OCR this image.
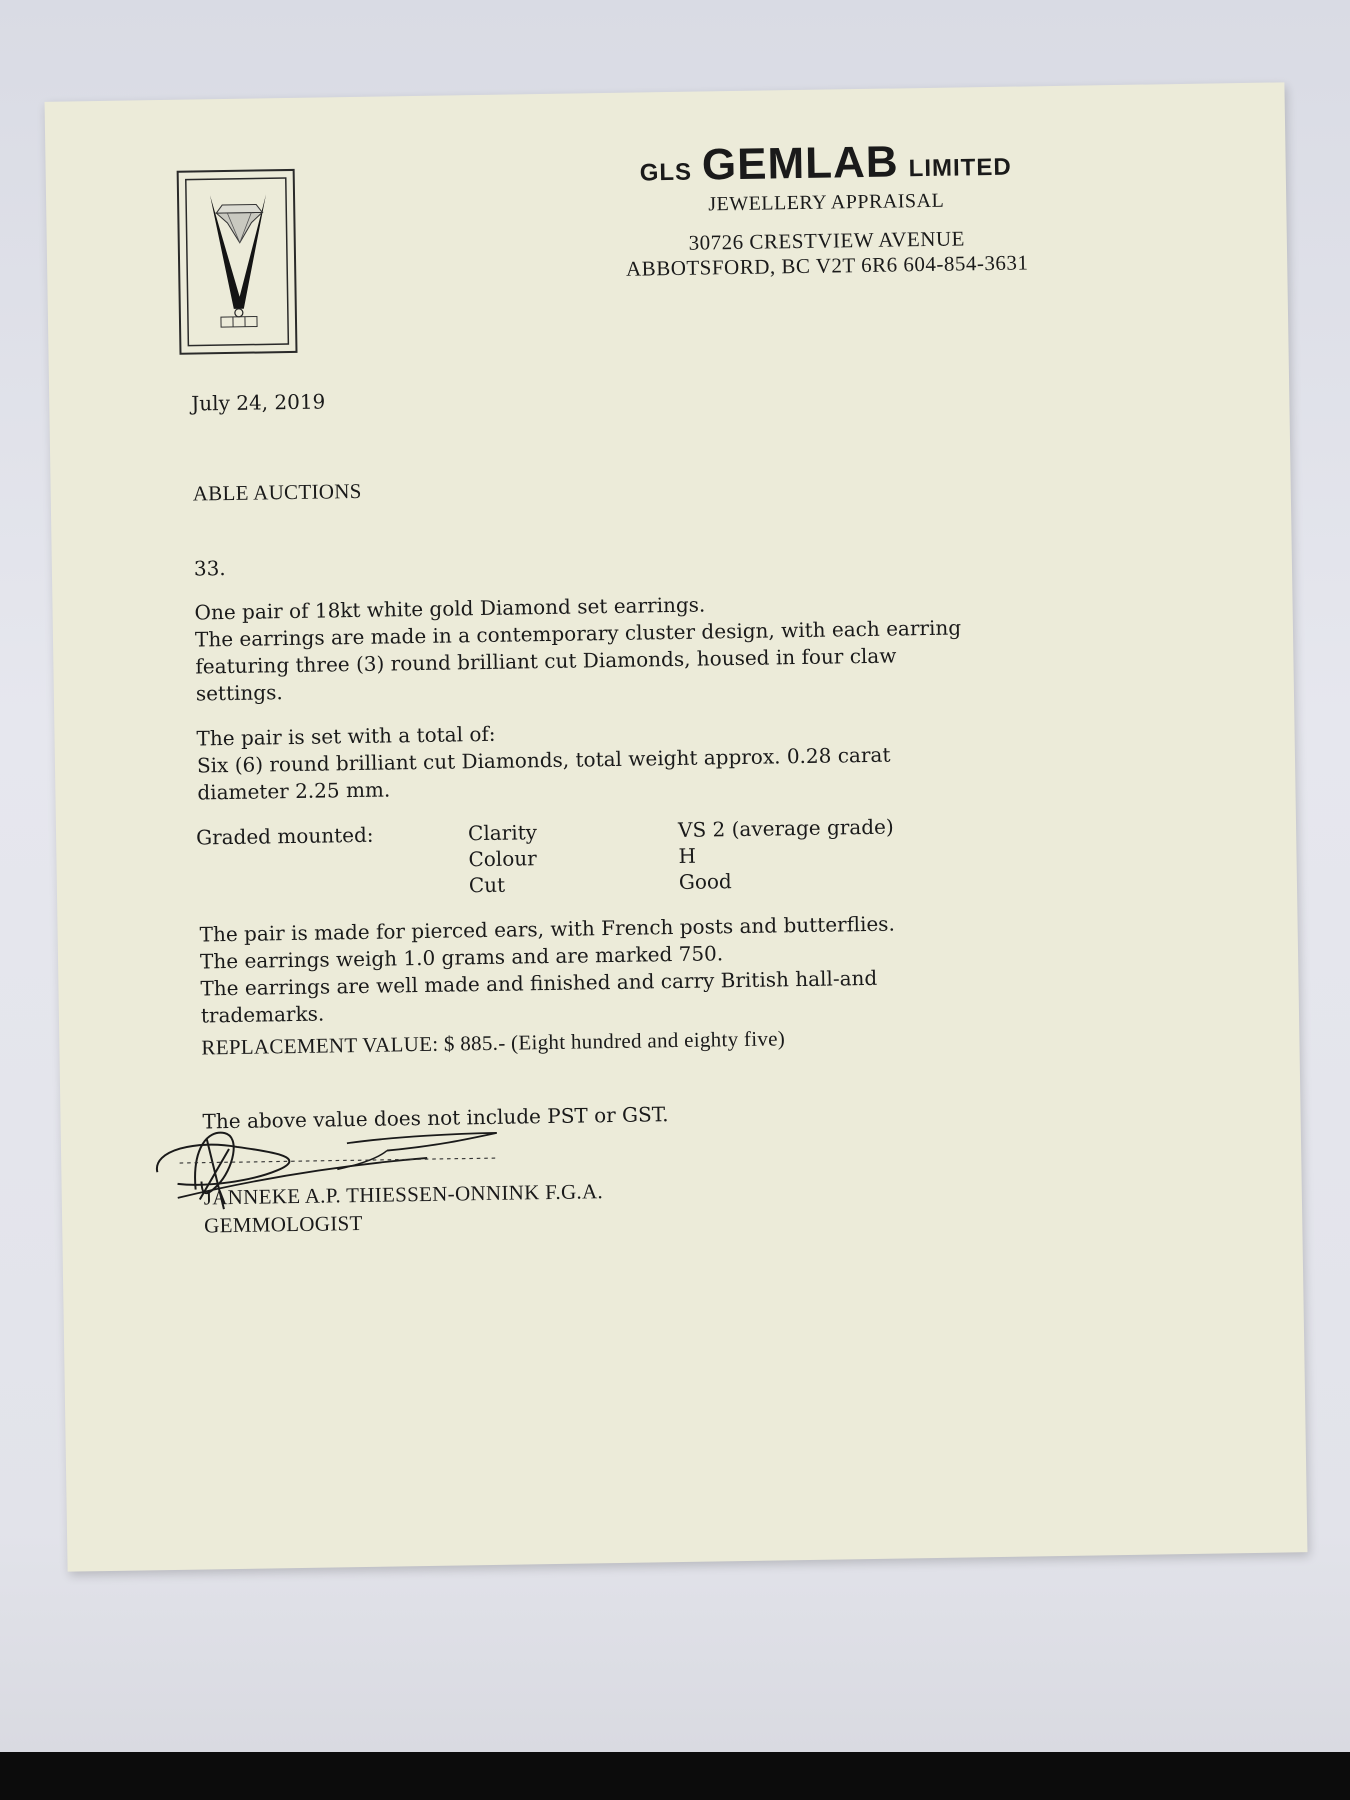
GLS GEMLAB LIMITED
JEWELLERY APPRAISAL
30726 CRESTVIEW AVENUE
ABBOTSFORD, BC V2T 6R6 604-854-3631
July 24, 2019
ABLE AUCTIONS
33.
One pair of 18kt white gold Diamond set earrings.
The earrings are made in a contemporary cluster design, with each earring
featuring three (3) round brilliant cut Diamonds, housed in four claw
settings.
The pair is set with a total of:
Six (6) round brilliant cut Diamonds, total weight approx. 0.28 carat
diameter 2.25 mm.
Graded mounted:	Clarity	VS 2 (average grade)
Colour	H
Cut	Good
The pair is made for pierced ears, with French posts and butterflies.
The earrings weigh 1.0 grams and are marked 750.
The earrings are well made and finished and carry British hall-and
trademarks.
REPLACEMENT VALUE: $ 885.- (Eight hundred and eighty five)
The above value does not include PST or GST.
-------------------------------------------
JANNEKE A.P. THIESSEN-ONNINK F.G.A.
GEMMOLOGIST
